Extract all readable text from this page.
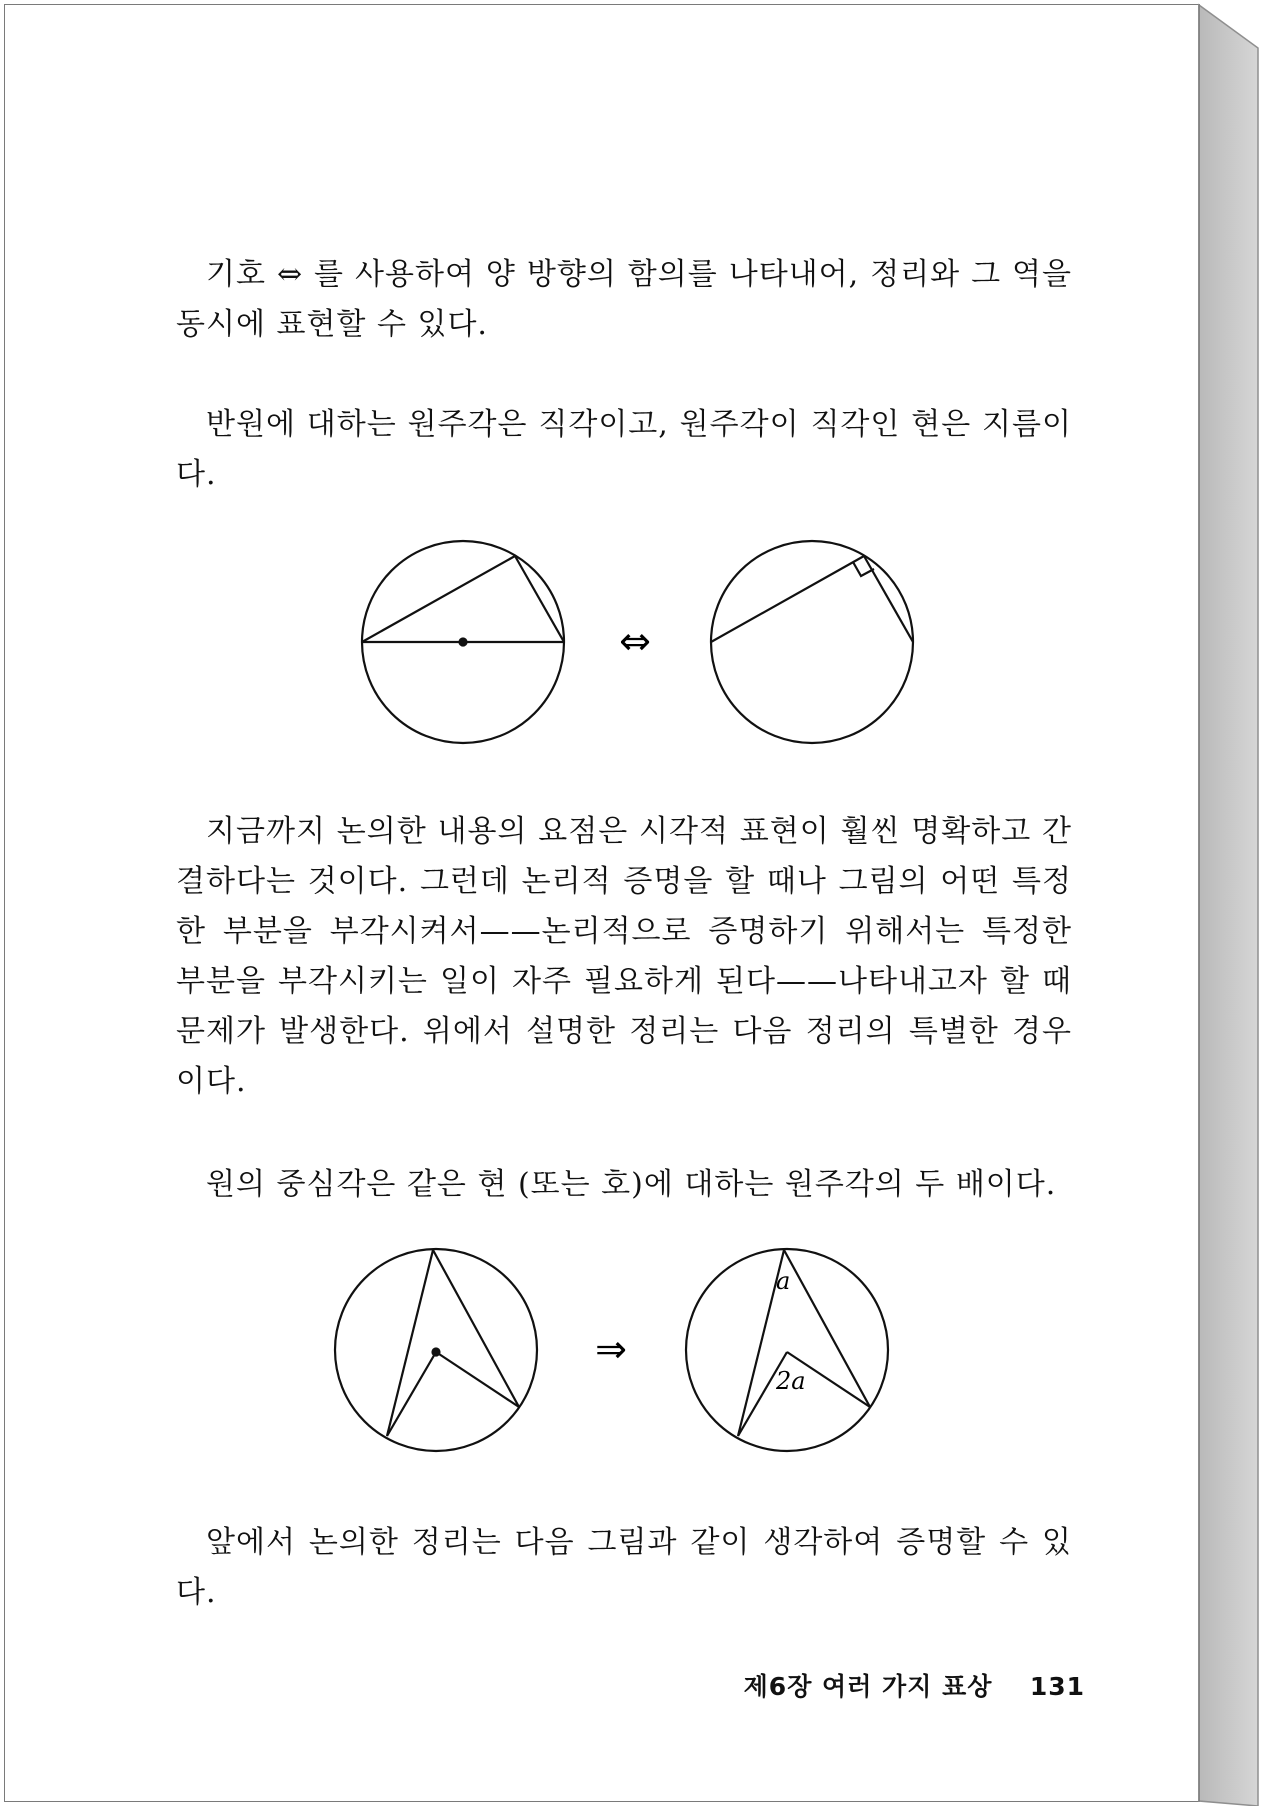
기호 ⇔ 를 사용하여 양 방향의 함의를 나타내어, 정리와 그 역을 동시에 표현할 수 있다.

반원에 대하는 원주각은 직각이고, 원주각이 직각인 현은 지름이다.

⇔

지금까지 논의한 내용의 요점은 시각적 표현이 훨씬 명확하고 간결하다는 것이다. 그런데 논리적 증명을 할 때나 그림의 어떤 특정한 부분을 부각시켜서——논리적으로 증명하기 위해서는 특정한 부분을 부각시키는 일이 자주 필요하게 된다——나타내고자 할 때 문제가 발생한다. 위에서 설명한 정리는 다음 정리의 특별한 경우이다.

원의 중심각은 같은 현 (또는 호)에 대하는 원주각의 두 배이다.

⇒
a
2a

앞에서 논의한 정리는 다음 그림과 같이 생각하여 증명할 수 있다.

제6장 여러 가지 표상 131
